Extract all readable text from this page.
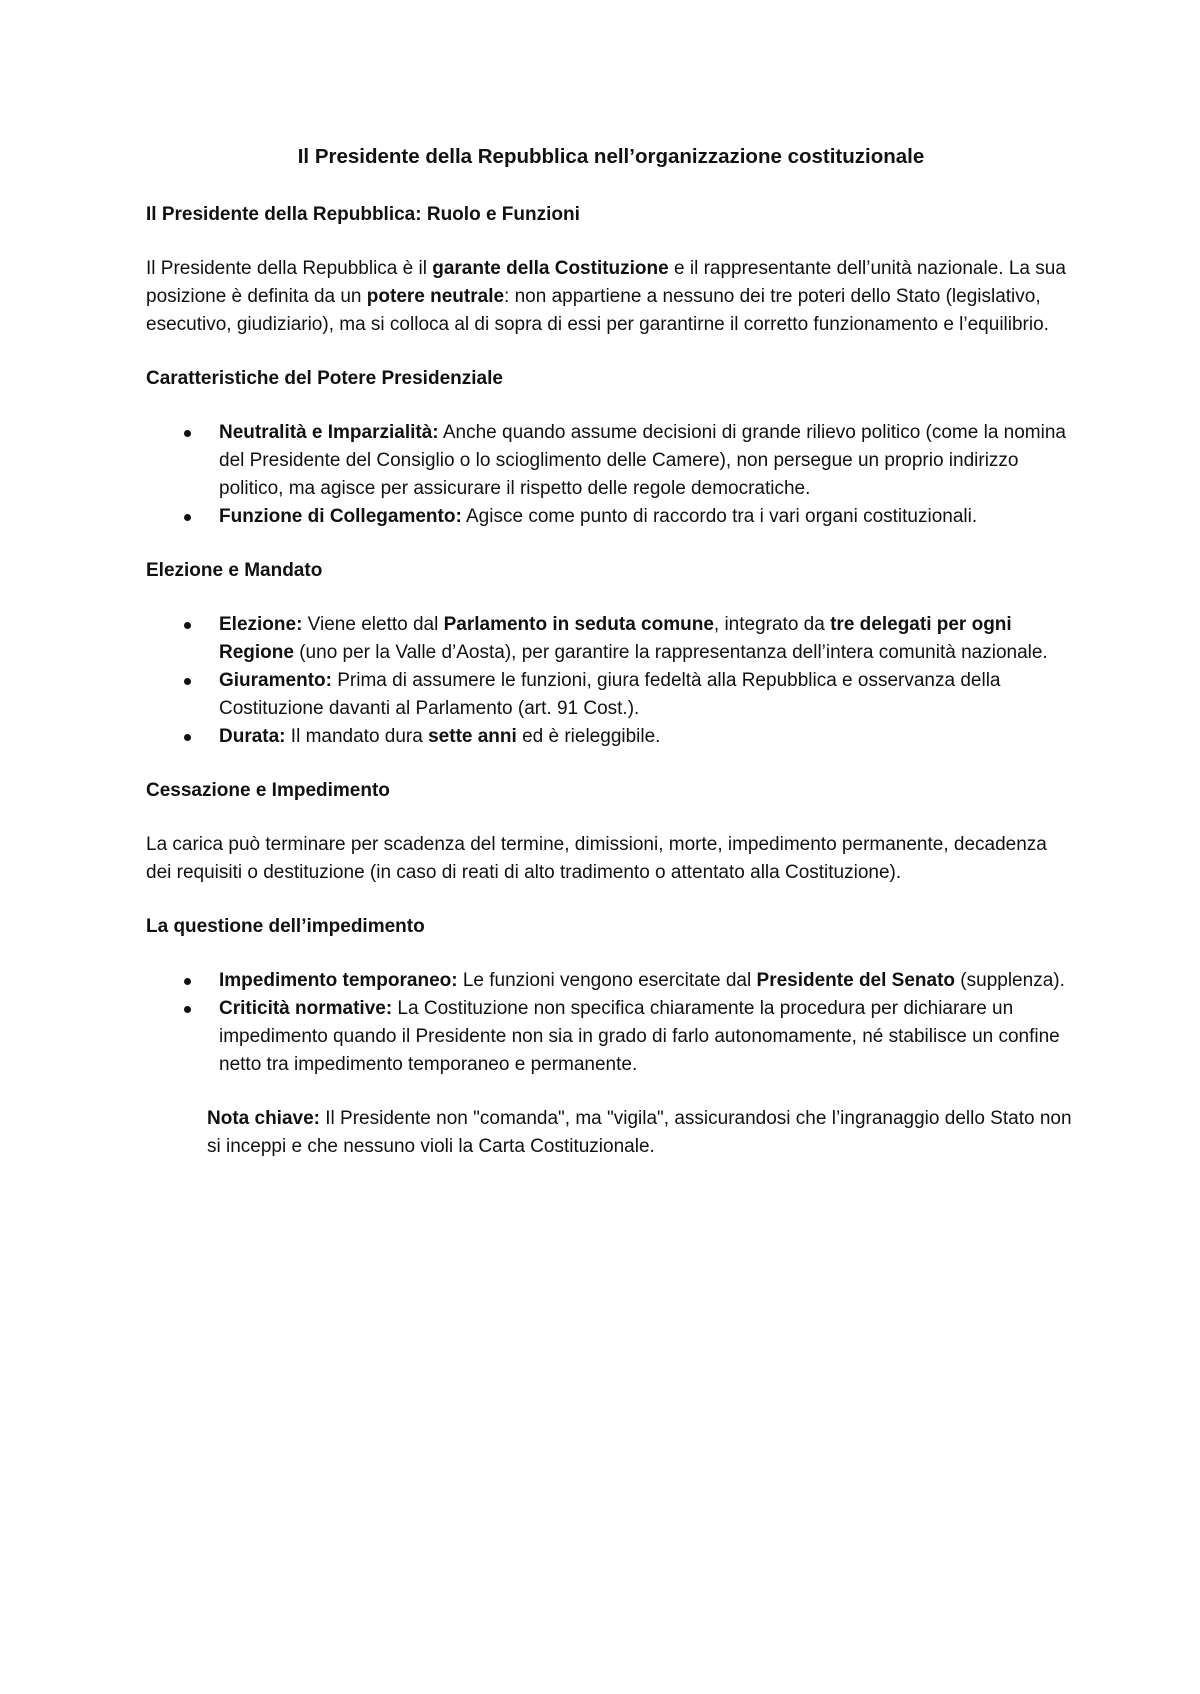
Il Presidente della Repubblica nell’organizzazione costituzionale
Il Presidente della Repubblica: Ruolo e Funzioni

Il Presidente della Repubblica è il garante della Costituzione e il rappresentante dell’unità nazionale. La sua posizione è definita da un potere neutrale: non appartiene a nessuno dei tre poteri dello Stato (legislativo, esecutivo, giudiziario), ma si colloca al di sopra di essi per garantirne il corretto funzionamento e l’equilibrio.

Caratteristiche del Potere Presidenziale
Neutralità e Imparzialità: Anche quando assume decisioni di grande rilievo politico (come la nomina del Presidente del Consiglio o lo scioglimento delle Camere), non persegue un proprio indirizzo politico, ma agisce per assicurare il rispetto delle regole democratiche.
Funzione di Collegamento: Agisce come punto di raccordo tra i vari organi costituzionali.
Elezione e Mandato
Elezione: Viene eletto dal Parlamento in seduta comune, integrato da tre delegati per ogni Regione (uno per la Valle d’Aosta), per garantire la rappresentanza dell’intera comunità nazionale.
Giuramento: Prima di assumere le funzioni, giura fedeltà alla Repubblica e osservanza della Costituzione davanti al Parlamento (art. 91 Cost.).
Durata: Il mandato dura sette anni ed è rieleggibile.
Cessazione e Impedimento

La carica può terminare per scadenza del termine, dimissioni, morte, impedimento permanente, decadenza dei requisiti o destituzione (in caso di reati di alto tradimento o attentato alla Costituzione).

La questione dell’impedimento
Impedimento temporaneo: Le funzioni vengono esercitate dal Presidente del Senato (supplenza).
Criticità normative: La Costituzione non specifica chiaramente la procedura per dichiarare un impedimento quando il Presidente non sia in grado di farlo autonomamente, né stabilisce un confine netto tra impedimento temporaneo e permanente.

Nota chiave: Il Presidente non "comanda", ma "vigila", assicurandosi che l’ingranaggio dello Stato non si inceppi e che nessuno violi la Carta Costituzionale.
